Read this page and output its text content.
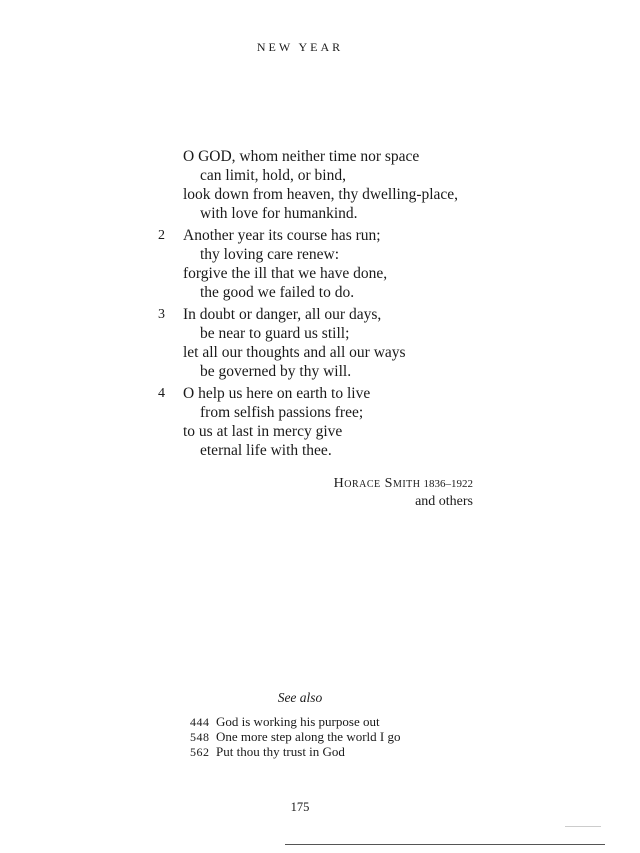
NEW YEAR
O GOD, whom neither time nor space
can limit, hold, or bind,
look down from heaven, thy dwelling-place,
with love for humankind.
2 Another year its course has run;
thy loving care renew:
forgive the ill that we have done,
the good we failed to do.
3 In doubt or danger, all our days,
be near to guard us still;
let all our thoughts and all our ways
be governed by thy will.
4 O help us here on earth to live
from selfish passions free;
to us at last in mercy give
eternal life with thee.
Horace Smith 1836–1922
and others
See also
444 God is working his purpose out
548 One more step along the world I go
562 Put thou thy trust in God
175
